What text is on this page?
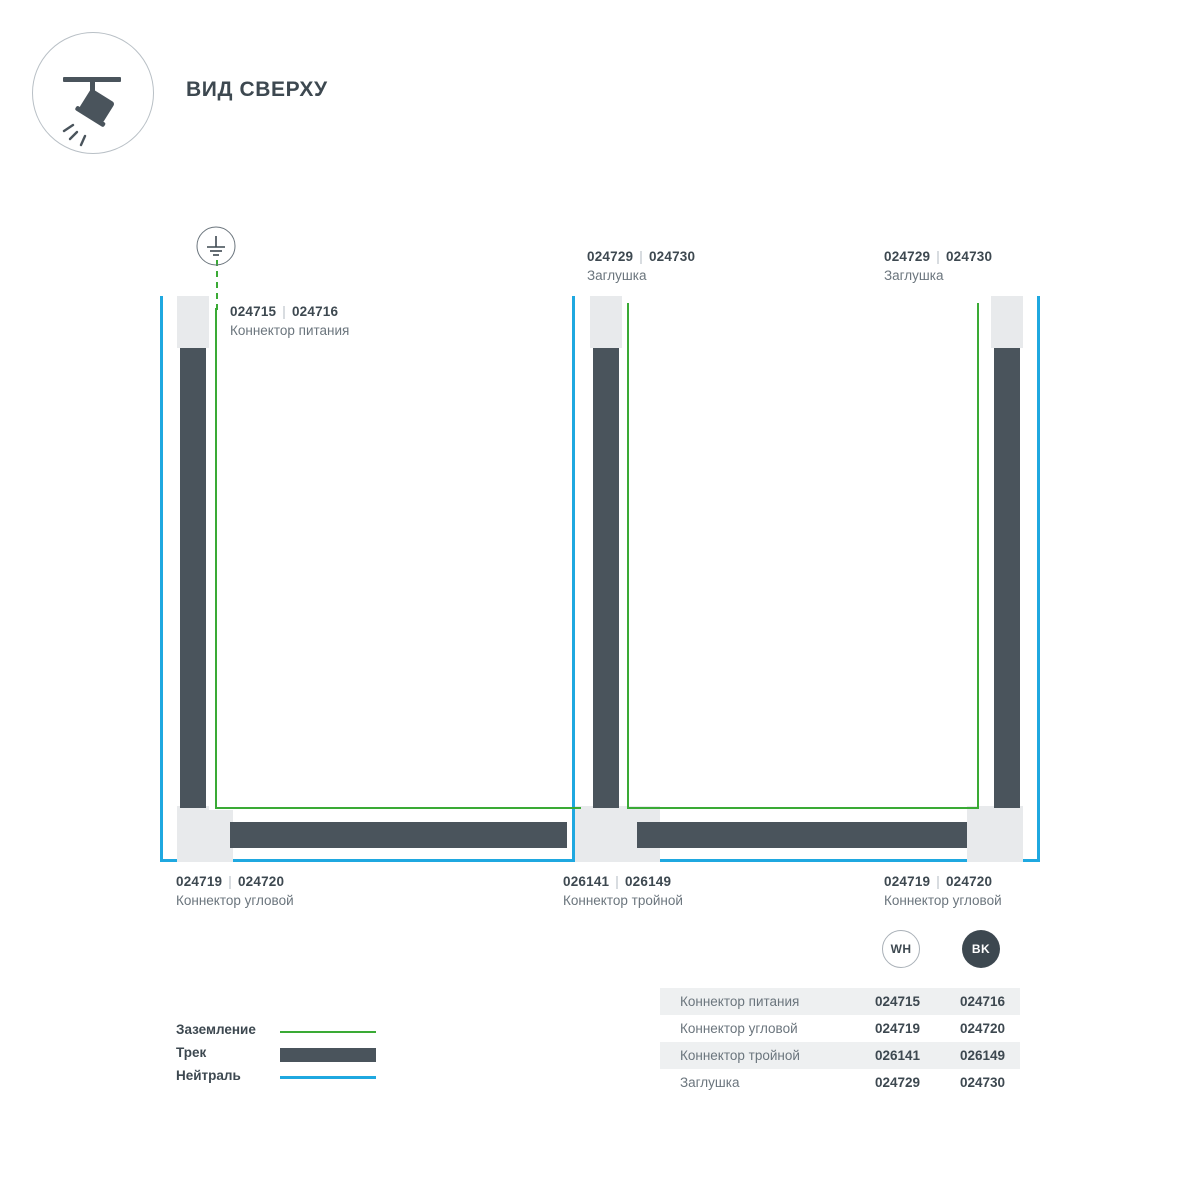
ВИД СВЕРХУ
024715 | 024716
Коннектор питания
024729 | 024730
Заглушка
024729 | 024730
Заглушка
024719 | 024720
Коннектор угловой
026141 | 026149
Коннектор тройной
024719 | 024720
Коннектор угловой
Заземление
Трек
Нейтраль
WH	BK
Коннектор питания	024715	024716
Коннектор угловой	024719	024720
Коннектор тройной	026141	026149
Заглушка	024729	024730
